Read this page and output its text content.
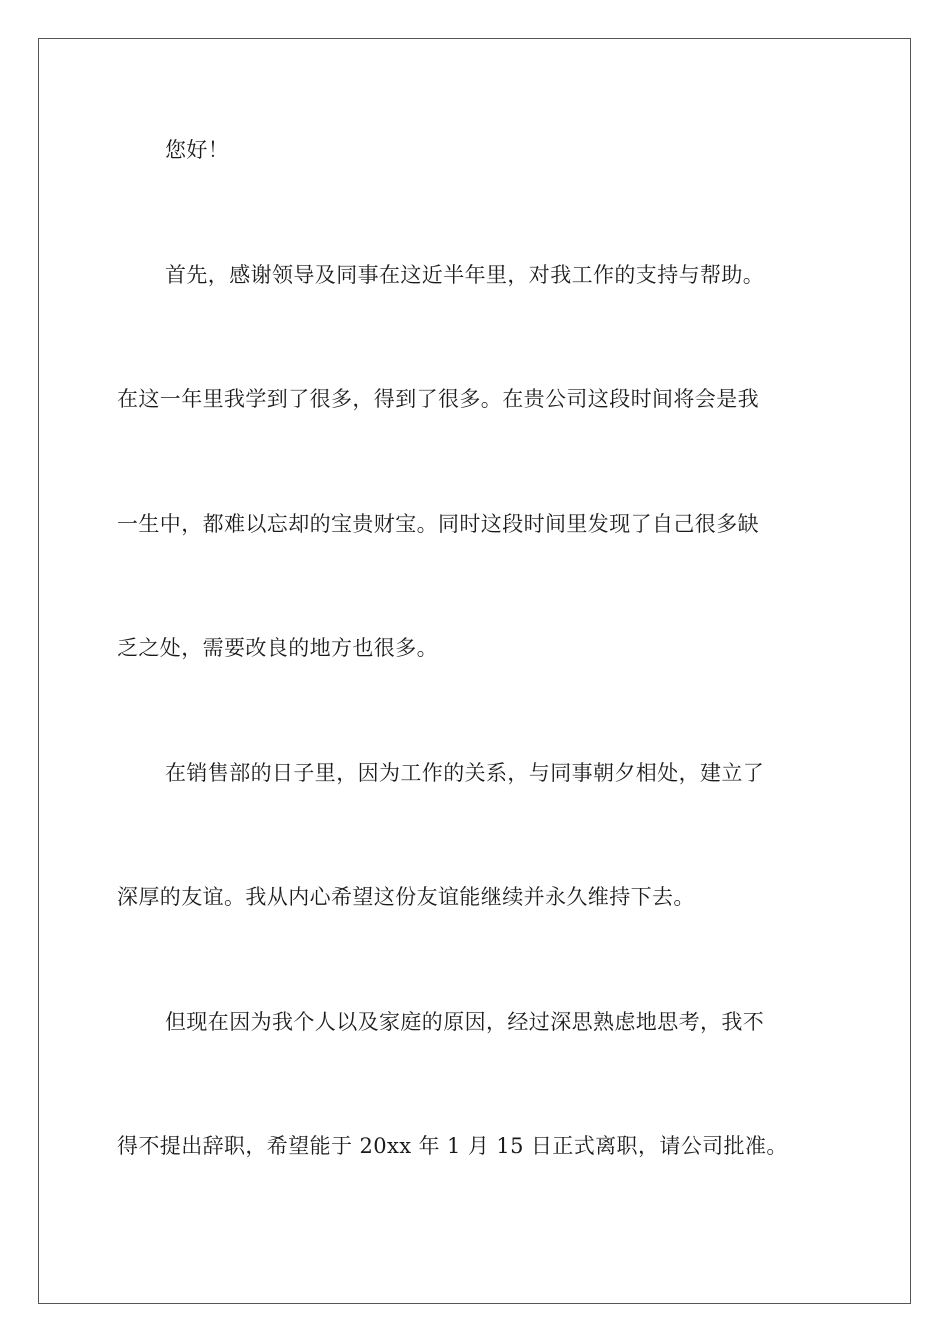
您好！
首先，感谢领导及同事在这近半年里，对我工作的支持与帮助。
在这一年里我学到了很多，得到了很多。在贵公司这段时间将会是我
一生中，都难以忘却的宝贵财宝。同时这段时间里发现了自己很多缺
乏之处，需要改良的地方也很多。
在销售部的日子里，因为工作的关系，与同事朝夕相处，建立了
深厚的友谊。我从内心希望这份友谊能继续并永久维持下去。
但现在因为我个人以及家庭的原因，经过深思熟虑地思考，我不
得不提出辞职，希望能于 20xx 年 1 月 15 日正式离职，请公司批准。
